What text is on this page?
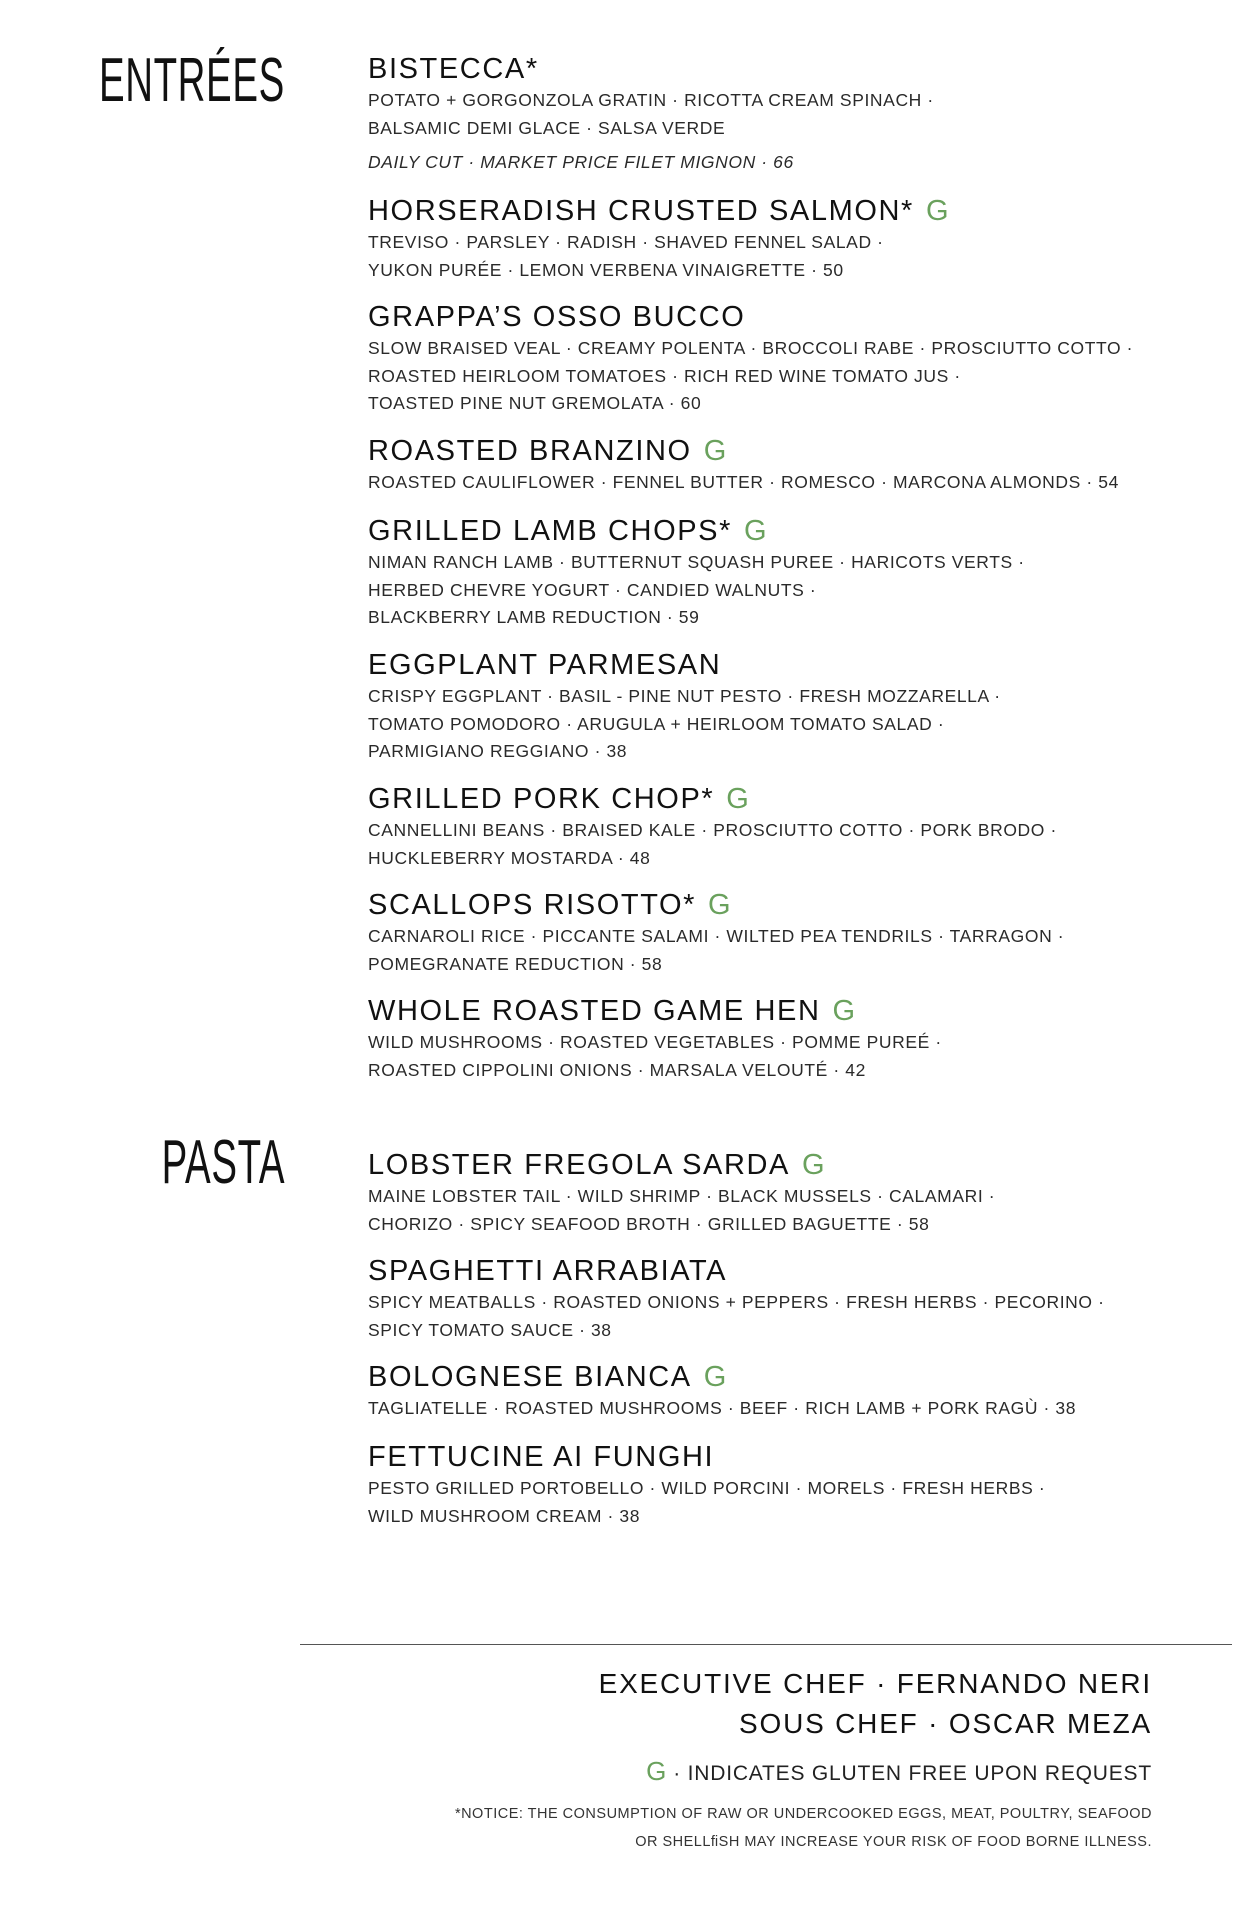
ENTRÉES
PASTA
BISTECCA*
POTATO + GORGONZOLA GRATIN · RICOTTA CREAM SPINACH ·
BALSAMIC DEMI GLACE · SALSA VERDE
DAILY CUT · MARKET PRICE FILET MIGNON · 66
HORSERADISH CRUSTED SALMON* G
TREVISO · PARSLEY · RADISH · SHAVED FENNEL SALAD ·
YUKON PURÉE · LEMON VERBENA VINAIGRETTE · 50
GRAPPA’S OSSO BUCCO
SLOW BRAISED VEAL · CREAMY POLENTA · BROCCOLI RABE · PROSCIUTTO COTTO ·
ROASTED HEIRLOOM TOMATOES · RICH RED WINE TOMATO JUS ·
TOASTED PINE NUT GREMOLATA · 60
ROASTED BRANZINO G
ROASTED CAULIFLOWER · FENNEL BUTTER · ROMESCO · MARCONA ALMONDS · 54
GRILLED LAMB CHOPS* G
NIMAN RANCH LAMB · BUTTERNUT SQUASH PUREE · HARICOTS VERTS ·
HERBED CHEVRE YOGURT · CANDIED WALNUTS ·
BLACKBERRY LAMB REDUCTION · 59
EGGPLANT PARMESAN
CRISPY EGGPLANT · BASIL - PINE NUT PESTO · FRESH MOZZARELLA ·
TOMATO POMODORO · ARUGULA + HEIRLOOM TOMATO SALAD ·
PARMIGIANO REGGIANO · 38
GRILLED PORK CHOP* G
CANNELLINI BEANS · BRAISED KALE · PROSCIUTTO COTTO · PORK BRODO ·
HUCKLEBERRY MOSTARDA · 48
SCALLOPS RISOTTO* G
CARNAROLI RICE · PICCANTE SALAMI · WILTED PEA TENDRILS · TARRAGON ·
POMEGRANATE REDUCTION · 58
WHOLE ROASTED GAME HEN G
WILD MUSHROOMS · ROASTED VEGETABLES · POMME PUREÉ ·
ROASTED CIPPOLINI ONIONS · MARSALA VELOUTÉ · 42
LOBSTER FREGOLA SARDA G
MAINE LOBSTER TAIL · WILD SHRIMP · BLACK MUSSELS · CALAMARI ·
CHORIZO · SPICY SEAFOOD BROTH · GRILLED BAGUETTE · 58
SPAGHETTI ARRABIATA
SPICY MEATBALLS · ROASTED ONIONS + PEPPERS · FRESH HERBS · PECORINO ·
SPICY TOMATO SAUCE · 38
BOLOGNESE BIANCA G
TAGLIATELLE · ROASTED MUSHROOMS · BEEF · RICH LAMB + PORK RAGÙ · 38
FETTUCINE AI FUNGHI
PESTO GRILLED PORTOBELLO · WILD PORCINI · MORELS · FRESH HERBS ·
WILD MUSHROOM CREAM · 38
EXECUTIVE CHEF · FERNANDO NERI
SOUS CHEF · OSCAR MEZA
G · INDICATES GLUTEN FREE UPON REQUEST
*NOTICE: THE CONSUMPTION OF RAW OR UNDERCOOKED EGGS, MEAT, POULTRY, SEAFOOD
OR SHELLﬁSH MAY INCREASE YOUR RISK OF FOOD BORNE ILLNESS.
